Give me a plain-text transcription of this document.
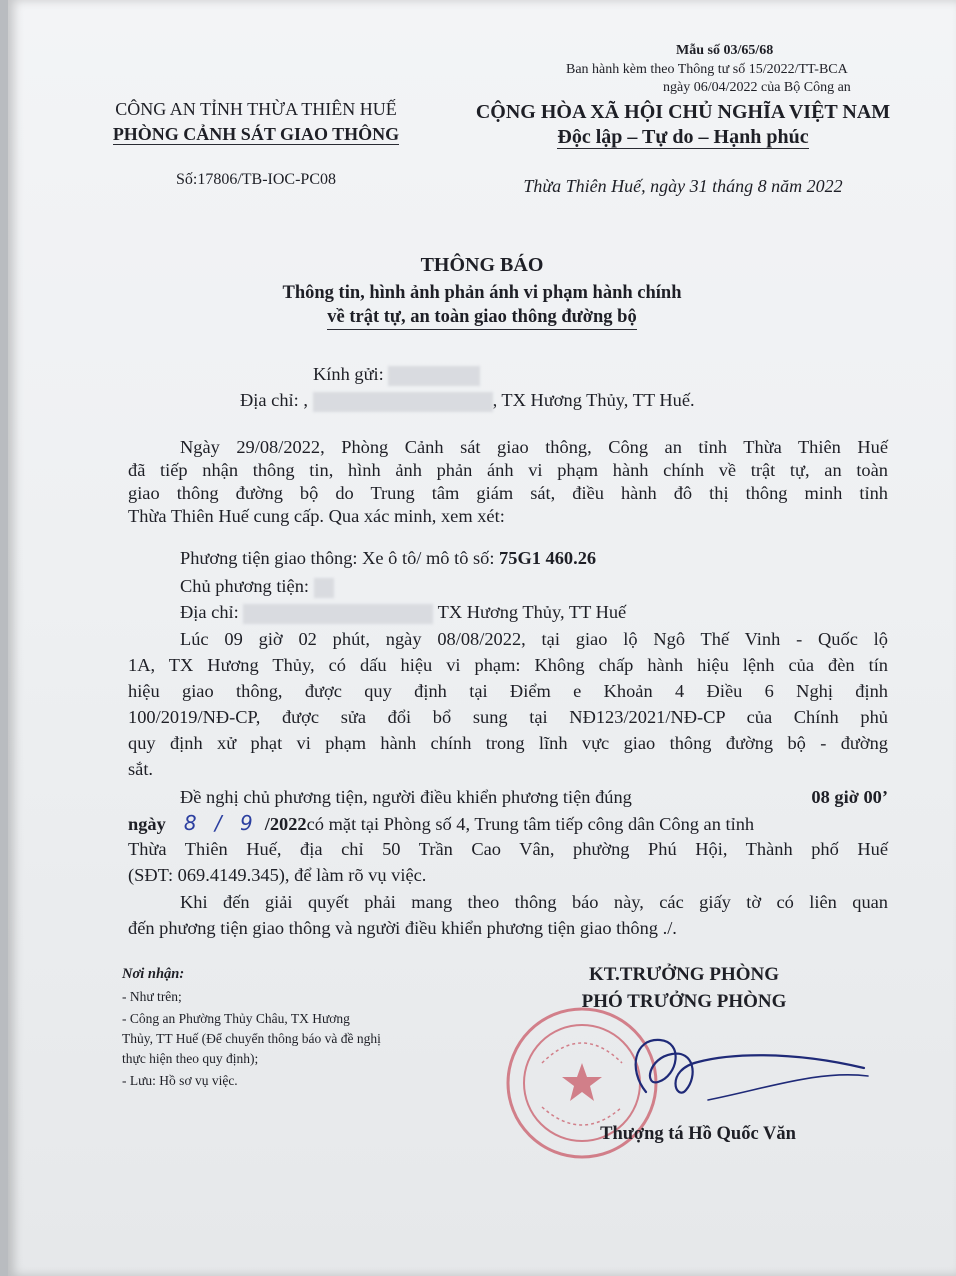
Mẫu số 03/65/68
Ban hành kèm theo Thông tư số 15/2022/TT-BCA
ngày 06/04/2022 của Bộ Công an
CÔNG AN TỈNH THỪA THIÊN HUẾ
PHÒNG CẢNH SÁT GIAO THÔNG
Số:17806/TB-IOC-PC08
CỘNG HÒA XÃ HỘI CHỦ NGHĨA VIỆT NAM
Độc lập – Tự do – Hạnh phúc
Thừa Thiên Huế, ngày 31 tháng 8 năm 2022
THÔNG BÁO
Thông tin, hình ảnh phản ánh vi phạm hành chính
về trật tự, an toàn giao thông đường bộ
Kính gửi:
Địa chỉ: ,	, TX Hương Thủy, TT Huế.
Ngày 29/08/2022, Phòng Cảnh sát giao thông, Công an tỉnh Thừa Thiên Huế
đã tiếp nhận thông tin, hình ảnh phản ánh vi phạm hành chính về trật tự, an toàn
giao thông đường bộ do Trung tâm giám sát, điều hành đô thị thông minh tỉnh
Thừa Thiên Huế cung cấp. Qua xác minh, xem xét:
Phương tiện giao thông: Xe ô tô/ mô tô số: 75G1 460.26
Chủ phương tiện:
Địa chỉ:	TX Hương Thủy, TT Huế
Lúc 09 giờ 02 phút, ngày 08/08/2022, tại giao lộ Ngô Thế Vinh - Quốc lộ
1A, TX Hương Thủy, có dấu hiệu vi phạm: Không chấp hành hiệu lệnh của đèn tín
hiệu giao thông, được quy định tại Điểm e Khoản 4 Điều 6 Nghị định
100/2019/NĐ-CP, được sửa đổi bổ sung tại NĐ123/2021/NĐ-CP của Chính phủ
quy định xử phạt vi phạm hành chính trong lĩnh vực giao thông đường bộ - đường
sắt.
Đề nghị chủ phương tiện, người điều khiển phương tiện đúng	08 giờ 00’
ngày 8 / 9 /2022 có mặt tại Phòng số 4, Trung tâm tiếp công dân Công an tỉnh
Thừa Thiên Huế, địa chỉ 50 Trần Cao Vân, phường Phú Hội, Thành phố Huế
(SĐT: 069.4149.345), để làm rõ vụ việc.
Khi đến giải quyết phải mang theo thông báo này, các giấy tờ có liên quan
đến phương tiện giao thông và người điều khiển phương tiện giao thông ./.
Nơi nhận:
- Như trên;
- Công an Phường Thủy Châu, TX Hương
Thủy, TT Huế (Để chuyển thông báo và đề nghị
thực hiện theo quy định);
- Lưu: Hồ sơ vụ việc.
KT.TRƯỞNG PHÒNG
PHÓ TRƯỞNG PHÒNG
Thượng tá Hồ Quốc Văn
